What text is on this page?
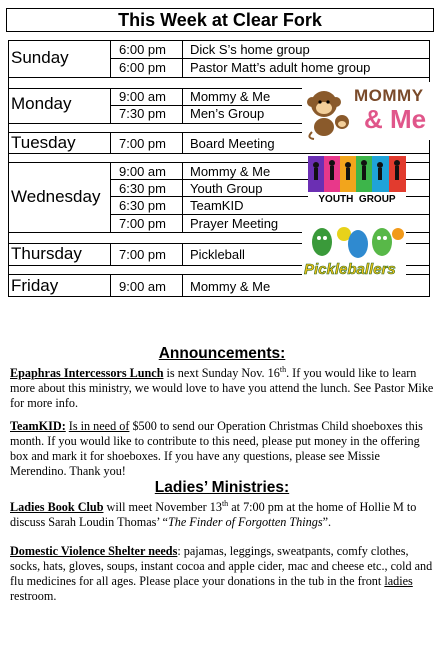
This Week at Clear Fork
Sunday	6:00 pm Dick S’s home group
6:00 pm Pastor Matt’s adult home group
Monday	9:00 am Mommy & Me
7:30 pm Men’s Group
Tuesday	7:00 pm Board Meeting
Wednesday
9:00 am Mommy & Me
6:30 pm Youth Group
6:30 pm TeamKID
7:00 pm Prayer Meeting
Thursday	7:00 pm Pickleball
Friday	9:00 am Mommy & Me
MOMMY
& Me
YOUTH  GROUP
Pickleballers
Announcements:

Epaphras Intercessors Lunch is next Sunday Nov. 16th. If you would like to learn more about this ministry, we would love to have you attend the lunch. See Pastor Mike for more info.

TeamKID: Is in need of $500 to send our Operation Christmas Child shoeboxes this month. If you would like to contribute to this need, please put money in the offering box and mark it for shoeboxes. If you have any questions, please see Missie Merendino. Thank you!

Ladies’ Ministries:

Ladies Book Club will meet November 13th at 7:00 pm at the home of Hollie M to discuss Sarah Loudin Thomas’ “The Finder of Forgotten Things”.

Domestic Violence Shelter needs: pajamas, leggings, sweatpants, comfy clothes, socks, hats, gloves, soups, instant cocoa and apple cider, mac and cheese etc., cold and flu medicines for all ages. Please place your donations in the tub in the front ladies restroom.
